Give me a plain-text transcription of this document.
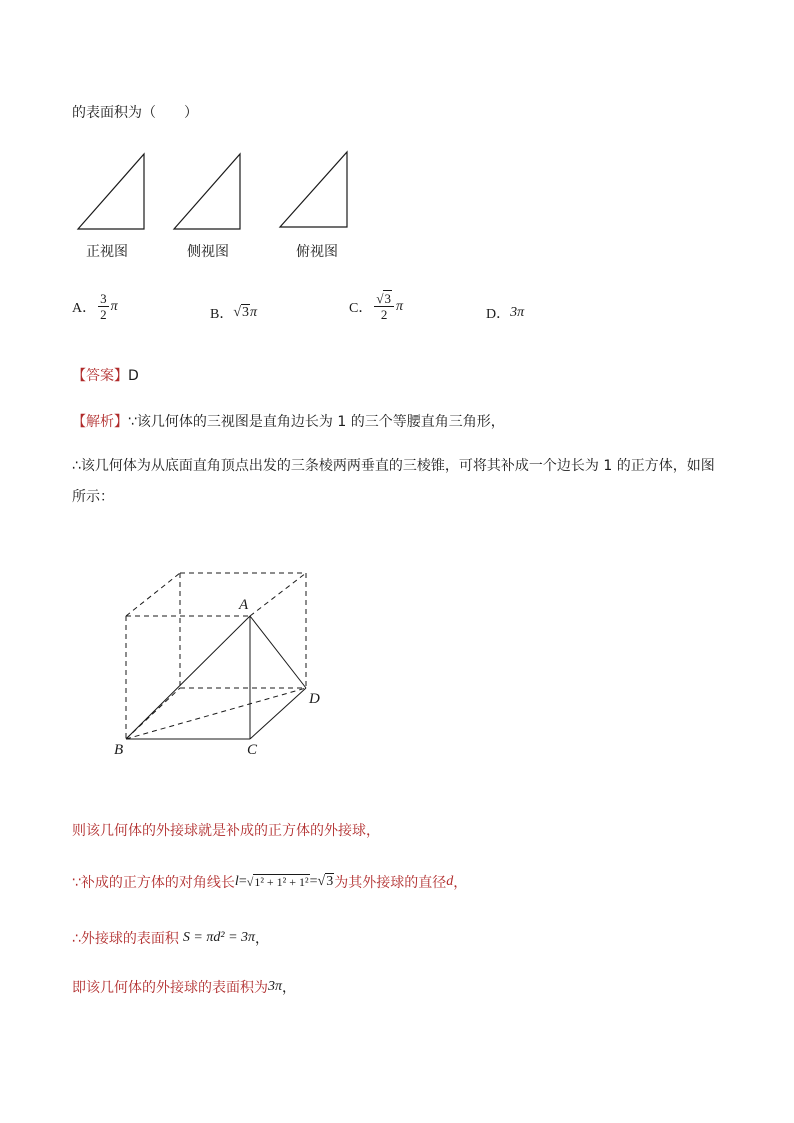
的表面积为（　　）
正视图	侧视图	俯视图
A． $\frac{3}{2}$ π
B． √3 π	C． $\frac{√3}{2}$ π
D． 3π
【答案】D
【解析】∵该几何体的三视图是直角边长为 1 的三个等腰直角三角形，
∴该几何体为从底面直角顶点出发的三条棱两两垂直的三棱锥，可将其补成一个边长为 1 的正方体，如图
所示：
A
B	C
D
则该几何体的外接球就是补成的正方体的外接球，
∵补成的正方体的对角线长 l = √1² + 1² + 1² = √3 为其外接球的直径 d ，
∴外接球的表面积 S = πd² = 3π ，
即该几何体的外接球的表面积为 3π ，
